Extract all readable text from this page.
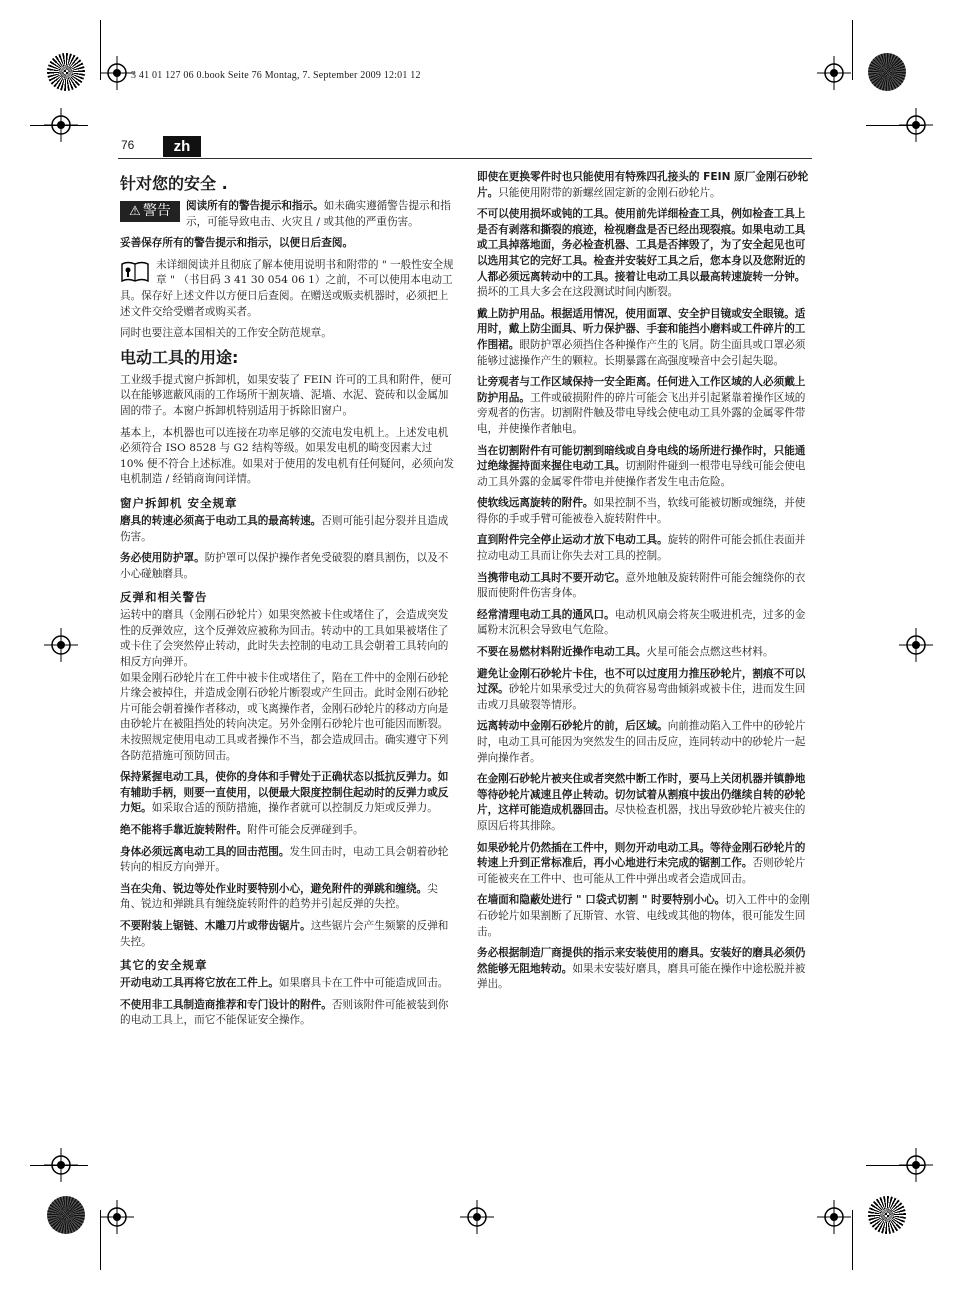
3 41 01 127 06 0.book Seite 76 Montag, 7. September 2009 12:01 12
76	zh
针对您的安全 .

⚠ 警告 阅读所有的警告提示和指示。如未确实遵循警告提示和指示，可能导致电击、火灾且 / 或其他的严重伤害。

妥善保存所有的警告提示和指示，以便日后查阅。

未详细阅读并且彻底了解本使用说明书和附带的 " 一般性安全规章 " （书目码 3 41 30 054 06 1）之前，不可以使用本电动工具。保存好上述文件以方便日后查阅。在赠送或贩卖机器时，必须把上述文件交给受赠者或购买者。

同时也要注意本国相关的工作安全防范规章。

电动工具的用途:

工业级手提式窗户拆卸机，如果安装了 FEIN 许可的工具和附件，便可以在能够遮蔽风雨的工作场所干割灰墙、泥墙、水泥、瓷砖和以金属加固的带子。本窗户拆卸机特别适用于拆除旧窗户。

基本上，本机器也可以连接在功率足够的交流电发电机上。上述发电机必须符合 ISO 8528 与 G2 结构等级。如果发电机的畸变因素大过 10% 便不符合上述标准。如果对于使用的发电机有任何疑问，必须向发电机制造 / 经销商询问详情。

窗户拆卸机 安全规章

磨具的转速必须高于电动工具的最高转速。否则可能引起分裂并且造成伤害。

务必使用防护罩。防护罩可以保护操作者免受破裂的磨具割伤，以及不小心碰触磨具。

反弹和相关警告

运转中的磨具（金刚石砂轮片）如果突然被卡住或堵住了，会造成突发性的反弹效应，这个反弹效应被称为回击。转动中的工具如果被堵住了或卡住了会突然停止转动，此时失去控制的电动工具会朝着工具转向的相反方向弹开。

如果金刚石砂轮片在工件中被卡住或堵住了，陷在工件中的金刚石砂轮片缘会被掉住，并造成金刚石砂轮片断裂或产生回击。此时金刚石砂轮片可能会朝着操作者移动，或飞离操作者，金刚石砂轮片的移动方向是由砂轮片在被阻挡处的转向决定。另外金刚石砂轮片也可能因而断裂。

未按照规定使用电动工具或者操作不当，都会造成回击。确实遵守下列各防范措施可预防回击。

保持紧握电动工具，使你的身体和手臂处于正确状态以抵抗反弹力。如有辅助手柄，则要一直使用，以便最大限度控制住起动时的反弹力或反力矩。如采取合适的预防措施，操作者就可以控制反力矩或反弹力。

绝不能将手靠近旋转附件。附件可能会反弹碰到手。

身体必须远离电动工具的回击范围。发生回击时，电动工具会朝着砂轮转向的相反方向弹开。

当在尖角、锐边等处作业时要特别小心，避免附件的弹跳和缠绕。尖角、锐边和弹跳具有缠绕旋转附件的趋势并引起反弹的失控。

不要附装上锯链、木雕刀片或带齿锯片。这些锯片会产生频繁的反弹和失控。

其它的安全规章

开动电动工具再将它放在工件上。如果磨具卡在工件中可能造成回击。

不使用非工具制造商推荐和专门设计的附件。否则该附件可能被装到你的电动工具上，而它不能保证安全操作。

即使在更换零件时也只能使用有特殊四孔接头的 FEIN 原厂金刚石砂轮片。只能使用附带的新螺丝固定新的金刚石砂轮片。

不可以使用损坏或钝的工具。使用前先详细检查工具，例如检查工具上是否有剥落和撕裂的痕迹，检视磨盘是否已经出现裂痕。如果电动工具或工具掉落地面，务必检查机器、工具是否摔毁了，为了安全起见也可以选用其它的完好工具。检查并安装好工具之后，您本身以及您附近的人都必须远离转动中的工具。接着让电动工具以最高转速旋转一分钟。损坏的工具大多会在这段测试时间内断裂。

戴上防护用品。根据适用情况，使用面罩、安全护目镜或安全眼镜。适用时，戴上防尘面具、听力保护器、手套和能挡小磨料或工件碎片的工作围裙。眼防护罩必须挡住各种操作产生的飞屑。防尘面具或口罩必须能够过滤操作产生的颗粒。长期暴露在高强度噪音中会引起失聪。

让旁观者与工作区域保持一安全距离。任何进入工作区域的人必须戴上防护用品。工件或破损附件的碎片可能会飞出并引起紧靠着操作区域的旁观者的伤害。切割附件触及带电导线会使电动工具外露的金属零件带电，并使操作者触电。

当在切割附件有可能切割到暗线或自身电线的场所进行操作时，只能通过绝缘握持面来握住电动工具。切割附件碰到一根带电导线可能会使电动工具外露的金属零件带电并使操作者发生电击危险。

使软线远离旋转的附件。如果控制不当，软线可能被切断或缠绕，并使得你的手或手臂可能被卷入旋转附件中。

直到附件完全停止运动才放下电动工具。旋转的附件可能会抓住表面并拉动电动工具而让你失去对工具的控制。

当携带电动工具时不要开动它。意外地触及旋转附件可能会缠绕你的衣服而使附件伤害身体。

经常清理电动工具的通风口。电动机风扇会将灰尘吸进机壳，过多的金属粉末沉积会导致电气危险。

不要在易燃材料附近操作电动工具。火星可能会点燃这些材料。

避免让金刚石砂轮片卡住，也不可以过度用力推压砂轮片，割痕不可以过深。砂轮片如果承受过大的负荷容易弯曲倾斜或被卡住，进而发生回击或刀具破裂等情形。

远离转动中金刚石砂轮片的前，后区域。向前推动陷入工件中的砂轮片时，电动工具可能因为突然发生的回击反应，连同转动中的砂轮片一起弹向操作者。

在金刚石砂轮片被夹住或者突然中断工作时，要马上关闭机器并镇静地等待砂轮片减速且停止转动。切勿试着从割痕中拔出仍继续自转的砂轮片，这样可能造成机器回击。尽快检查机器，找出导致砂轮片被夹住的原因后将其排除。

如果砂轮片仍然插在工件中，则勿开动电动工具。等待金刚石砂轮片的转速上升到正常标准后，再小心地进行未完成的锯割工作。否则砂轮片可能被夹在工件中、也可能从工件中弹出或者会造成回击。

在墙面和隐蔽处进行 " 口袋式切割 " 时要特别小心。切入工件中的金刚石砂轮片如果割断了瓦斯管、水管、电线或其他的物体，很可能发生回击。

务必根据制造厂商提供的指示来安装使用的磨具。安装好的磨具必须仍然能够无阻地转动。如果未安装好磨具，磨具可能在操作中途松脱并被弹出。
